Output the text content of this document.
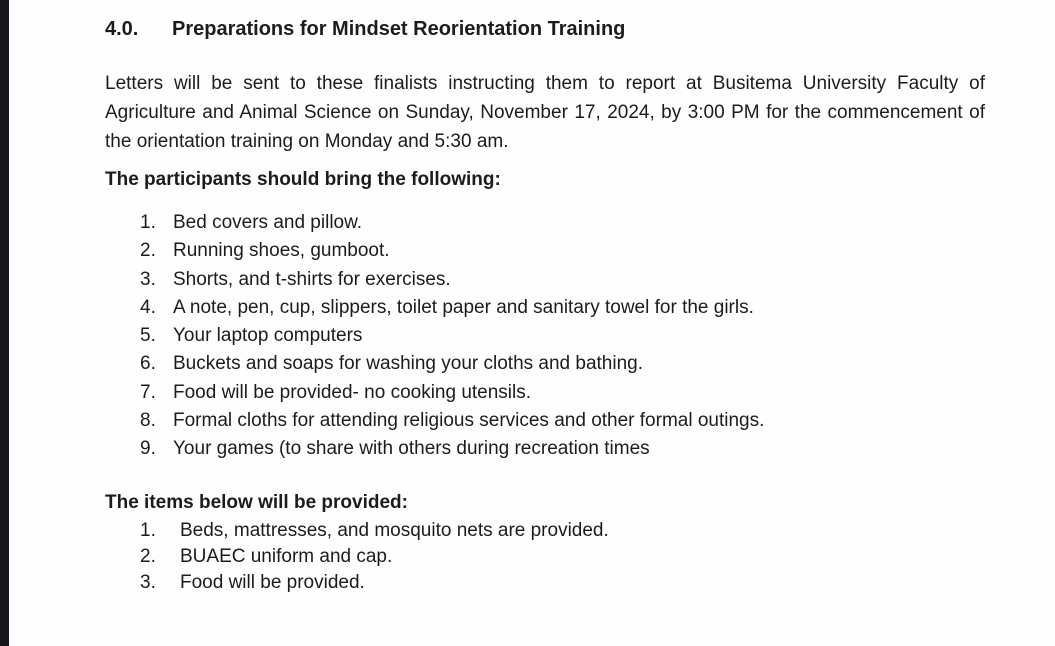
4.0.	Preparations for Mindset Reorientation Training

Letters will be sent to these finalists instructing them to report at Busitema University Faculty of Agriculture and Animal Science on Sunday, November 17, 2024, by 3:00 PM for the commencement of the orientation training on Monday and 5:30 am.

The participants should bring the following:

1. Bed covers and pillow.
2. Running shoes, gumboot.
3. Shorts, and t-shirts for exercises.
4. A note, pen, cup, slippers, toilet paper and sanitary towel for the girls.
5. Your laptop computers
6. Buckets and soaps for washing your cloths and bathing.
7. Food will be provided- no cooking utensils.
8. Formal cloths for attending religious services and other formal outings.
9. Your games (to share with others during recreation times

The items below will be provided:

1.	Beds, mattresses, and mosquito nets are provided.
2.	BUAEC uniform and cap.
3.	Food will be provided.
